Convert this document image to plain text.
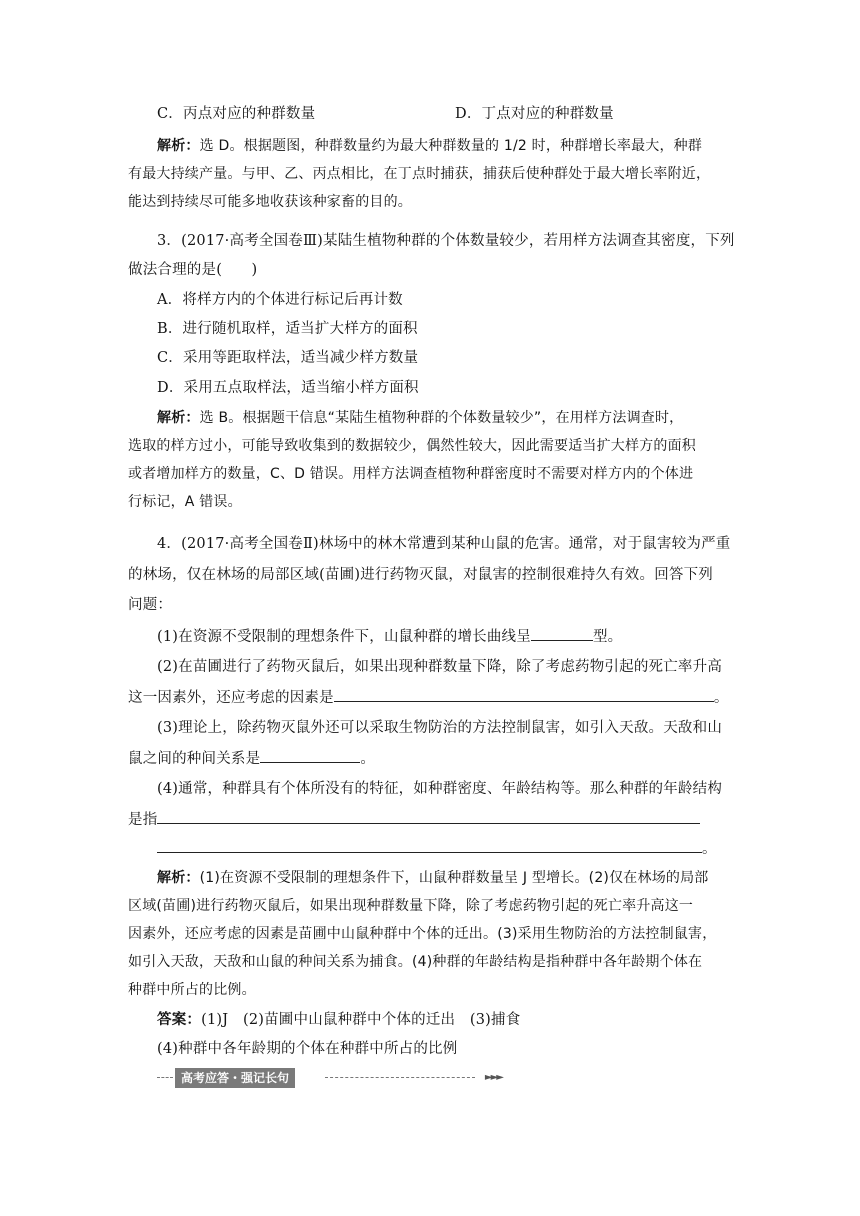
C．丙点对应的种群数量	D．丁点对应的种群数量
解析：选 D。根据题图，种群数量约为最大种群数量的 1/2 时，种群增长率最大，种群
有最大持续产量。与甲、乙、丙点相比，在丁点时捕获，捕获后使种群处于最大增长率附近，
能达到持续尽可能多地收获该种家畜的目的。
3．(2017·高考全国卷Ⅲ)某陆生植物种群的个体数量较少，若用样方法调查其密度，下列
做法合理的是(　　)
A．将样方内的个体进行标记后再计数
B．进行随机取样，适当扩大样方的面积
C．采用等距取样法，适当减少样方数量
D．采用五点取样法，适当缩小样方面积
解析：选 B。根据题干信息“某陆生植物种群的个体数量较少”，在用样方法调查时，
选取的样方过小，可能导致收集到的数据较少，偶然性较大，因此需要适当扩大样方的面积
或者增加样方的数量，C、D 错误。用样方法调查植物种群密度时不需要对样方内的个体进
行标记，A 错误。
4．(2017·高考全国卷Ⅱ)林场中的林木常遭到某种山鼠的危害。通常，对于鼠害较为严重
的林场，仅在林场的局部区域(苗圃)进行药物灭鼠，对鼠害的控制很难持久有效。回答下列
问题：
(1)在资源不受限制的理想条件下，山鼠种群的增长曲线呈	型。
(2)在苗圃进行了药物灭鼠后，如果出现种群数量下降，除了考虑药物引起的死亡率升高
这一因素外，还应考虑的因素是	。
(3)理论上，除药物灭鼠外还可以采取生物防治的方法控制鼠害，如引入天敌。天敌和山
鼠之间的种间关系是	。
(4)通常，种群具有个体所没有的特征，如种群密度、年龄结构等。那么种群的年龄结构
是指
。
解析：(1)在资源不受限制的理想条件下，山鼠种群数量呈 J 型增长。(2)仅在林场的局部
区域(苗圃)进行药物灭鼠后，如果出现种群数量下降，除了考虑药物引起的死亡率升高这一
因素外，还应考虑的因素是苗圃中山鼠种群中个体的迁出。(3)采用生物防治的方法控制鼠害，
如引入天敌，天敌和山鼠的种间关系为捕食。(4)种群的年龄结构是指种群中各年龄期个体在
种群中所占的比例。
答案：(1)J　(2)苗圃中山鼠种群中个体的迁出　(3)捕食
(4)种群中各年龄期的个体在种群中所占的比例
高考应答・强记长句	►►►
